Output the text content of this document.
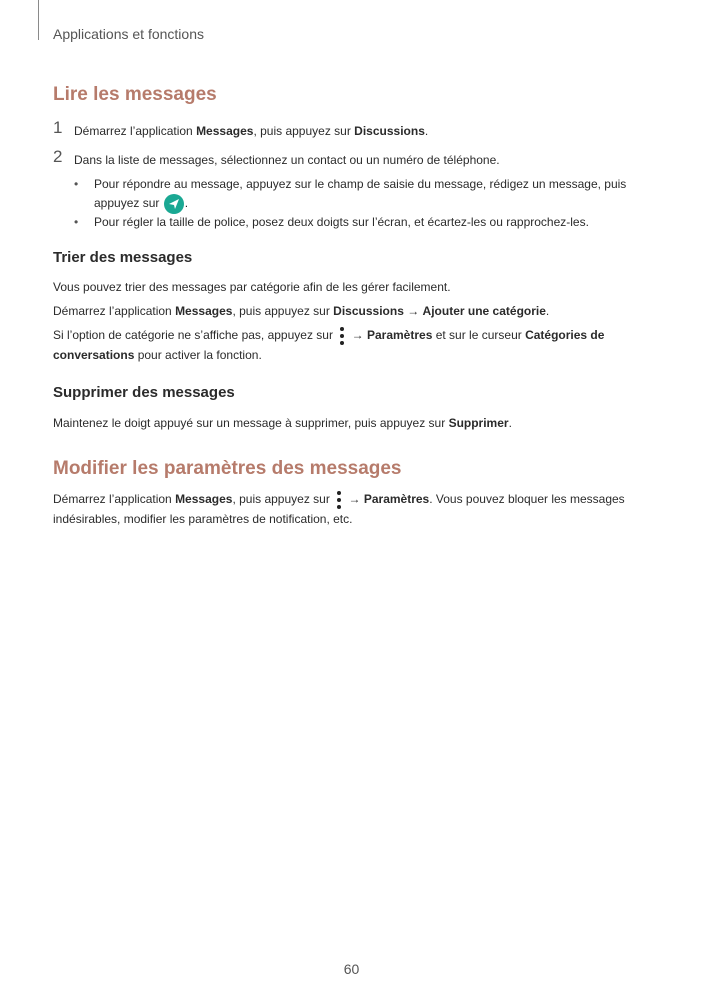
Applications et fonctions
Lire les messages
1 Démarrez l’application Messages, puis appuyez sur Discussions.
2 Dans la liste de messages, sélectionnez un contact ou un numéro de téléphone.
• Pour répondre au message, appuyez sur le champ de saisie du message, rédigez un message, puis appuyez sur .
• Pour régler la taille de police, posez deux doigts sur l’écran, et écartez-les ou rapprochez-les.
Trier des messages
Vous pouvez trier des messages par catégorie afin de les gérer facilement.
Démarrez l’application Messages, puis appuyez sur Discussions → Ajouter une catégorie.
Si l’option de catégorie ne s’affiche pas, appuyez sur
→ Paramètres et sur le curseur Catégories de conversations pour activer la fonction.
Supprimer des messages
Maintenez le doigt appuyé sur un message à supprimer, puis appuyez sur Supprimer.
Modifier les paramètres des messages
Démarrez l’application Messages, puis appuyez sur
→ Paramètres. Vous pouvez bloquer les messages indésirables, modifier les paramètres de notification, etc.
60
